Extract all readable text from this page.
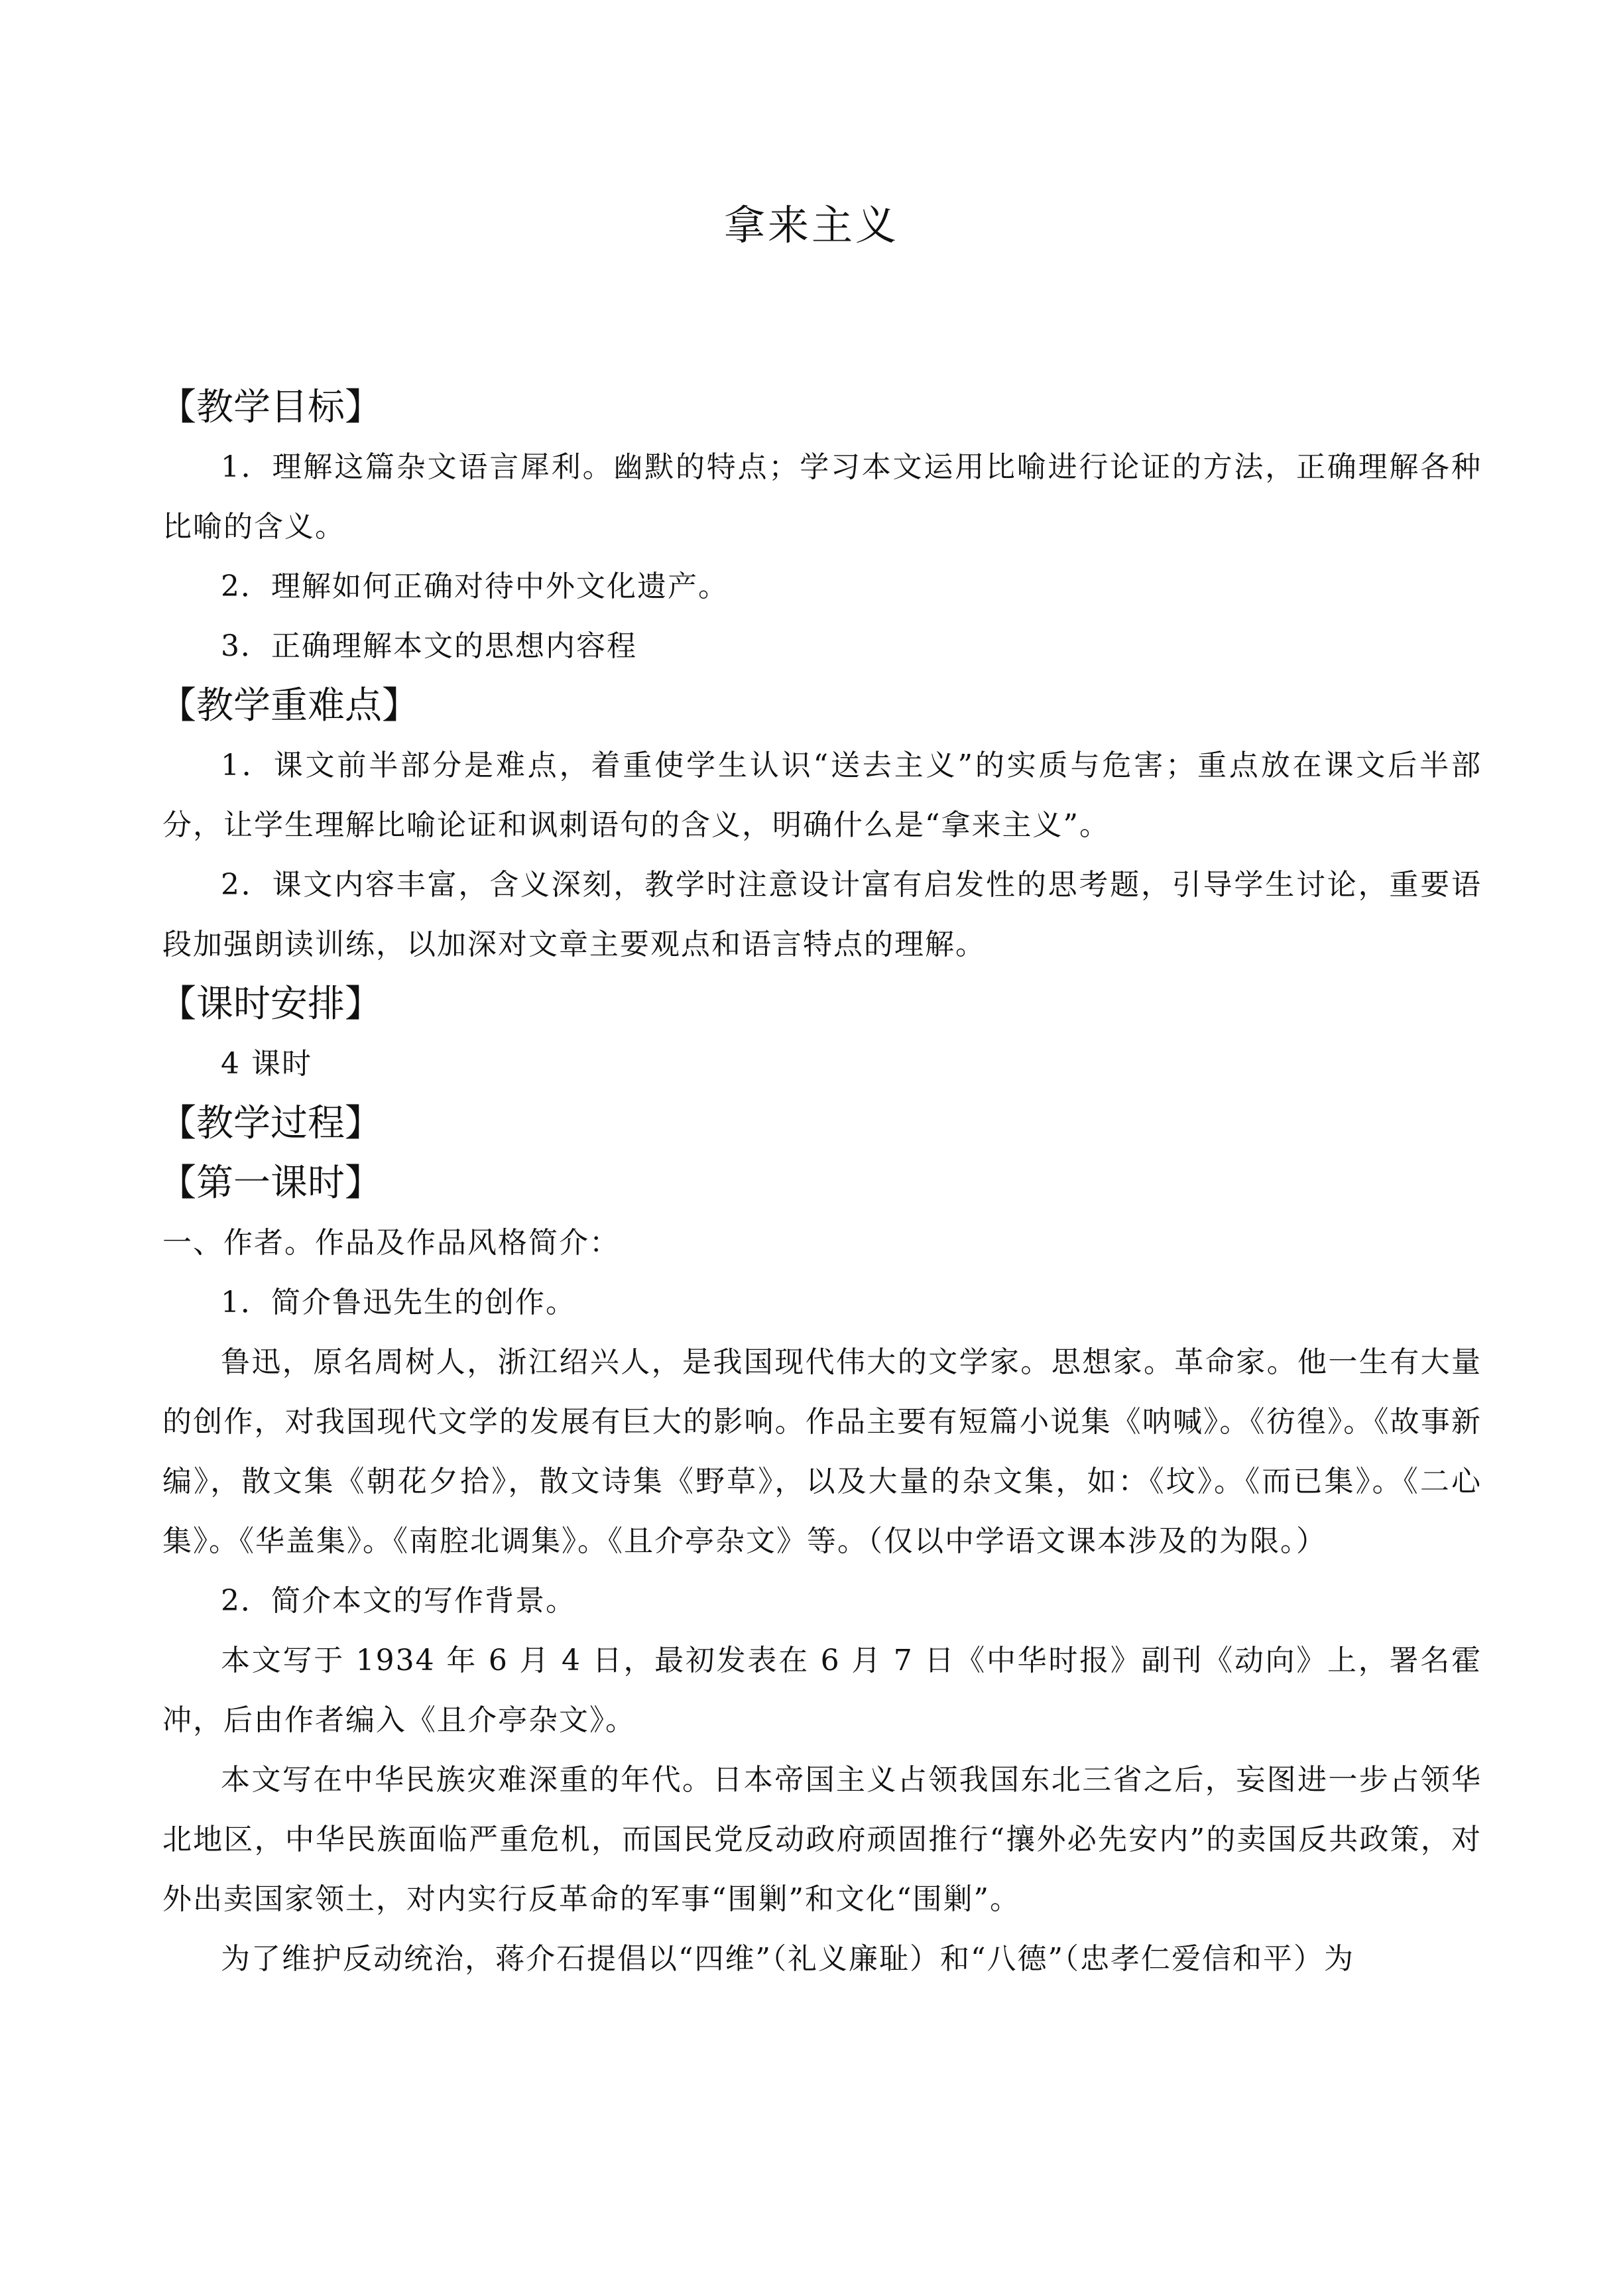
拿来主义

【教学目标】

1．理解这篇杂文语言犀利。幽默的特点；学习本文运用比喻进行论证的方法，正确理解各种比喻的含义。

2．理解如何正确对待中外文化遗产。

3．正确理解本文的思想内容程

【教学重难点】

1．课文前半部分是难点，着重使学生认识“送去主义”的实质与危害；重点放在课文后半部分，让学生理解比喻论证和讽刺语句的含义，明确什么是“拿来主义”。

2．课文内容丰富，含义深刻，教学时注意设计富有启发性的思考题，引导学生讨论，重要语段加强朗读训练，以加深对文章主要观点和语言特点的理解。

【课时安排】

4 课时

【教学过程】

【第一课时】

一、作者。作品及作品风格简介：

1．简介鲁迅先生的创作。

鲁迅，原名周树人，浙江绍兴人，是我国现代伟大的文学家。思想家。革命家。他一生有大量的创作，对我国现代文学的发展有巨大的影响。作品主要有短篇小说集《呐喊》。《彷徨》。《故事新编》，散文集《朝花夕拾》，散文诗集《野草》，以及大量的杂文集，如：《坟》。《而已集》。《二心集》。《华盖集》。《南腔北调集》。《且介亭杂文》等。（仅以中学语文课本涉及的为限。）

2．简介本文的写作背景。

本文写于 1934 年 6 月 4 日，最初发表在 6 月 7 日《中华时报》副刊《动向》上，署名霍冲，后由作者编入《且介亭杂文》。

本文写在中华民族灾难深重的年代。日本帝国主义占领我国东北三省之后，妄图进一步占领华北地区，中华民族面临严重危机，而国民党反动政府顽固推行“攘外必先安内”的卖国反共政策，对外出卖国家领土，对内实行反革命的军事“围剿”和文化“围剿”。

为了维护反动统治，蒋介石提倡以“四维”（礼义廉耻）和“八德”（忠孝仁爱信和平）为
